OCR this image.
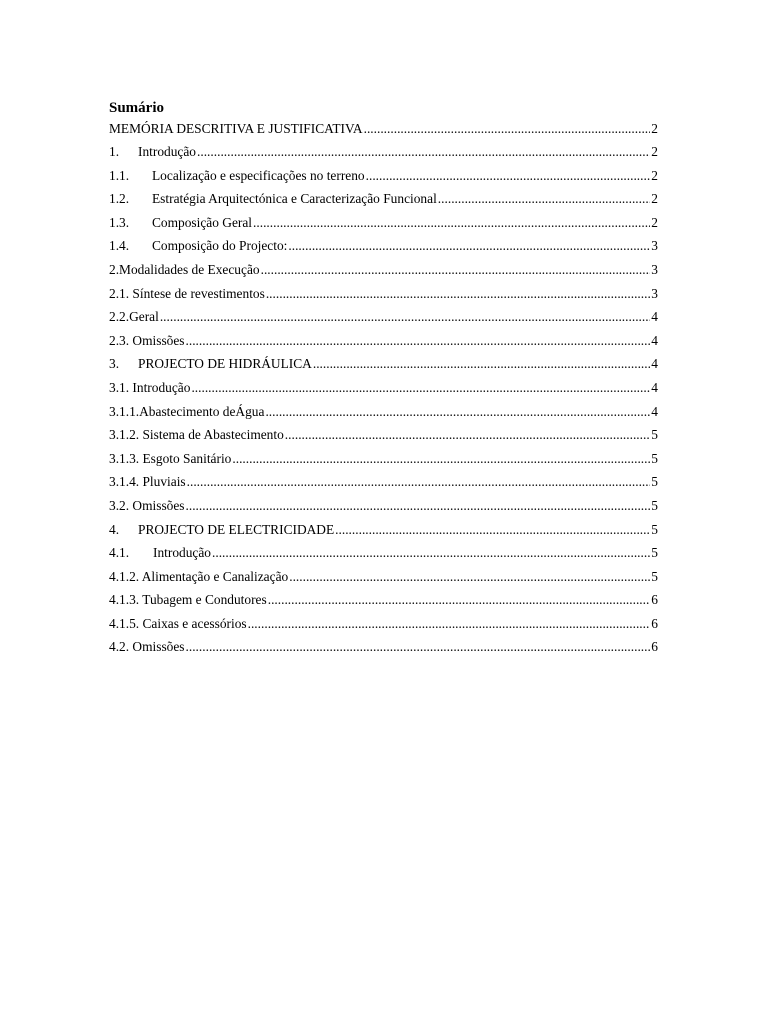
Sumário
MEMÓRIA DESCRITIVA E JUSTIFICATIVA .....	2
1.	Introdução .....	2
1.1.	Localização e especificações no terreno .....	2
1.2.	Estratégia Arquitectónica e Caracterização Funcional .....	2
1.3.	Composição Geral .....	2
1.4.	Composição do Projecto: .....	3
2.Modalidades de Execução .....	3
2.1. Síntese de revestimentos .....	3
2.2.Geral .....	4
2.3. Omissões .....	4
3.	PROJECTO DE HIDRÁULICA .....	4
3.1. Introdução .....	4
3.1.1.Abastecimento deÁgua .....	4
3.1.2. Sistema de Abastecimento .....	5
3.1.3. Esgoto Sanitário .....	5
3.1.4. Pluviais .....	5
3.2. Omissões .....	5
4.	PROJECTO DE ELECTRICIDADE .....	5
4.1.	Introdução .....	5
4.1.2. Alimentação e Canalização .....	5
4.1.3. Tubagem e Condutores .....	6
4.1.5. Caixas e acessórios .....	6
4.2. Omissões .....	6
